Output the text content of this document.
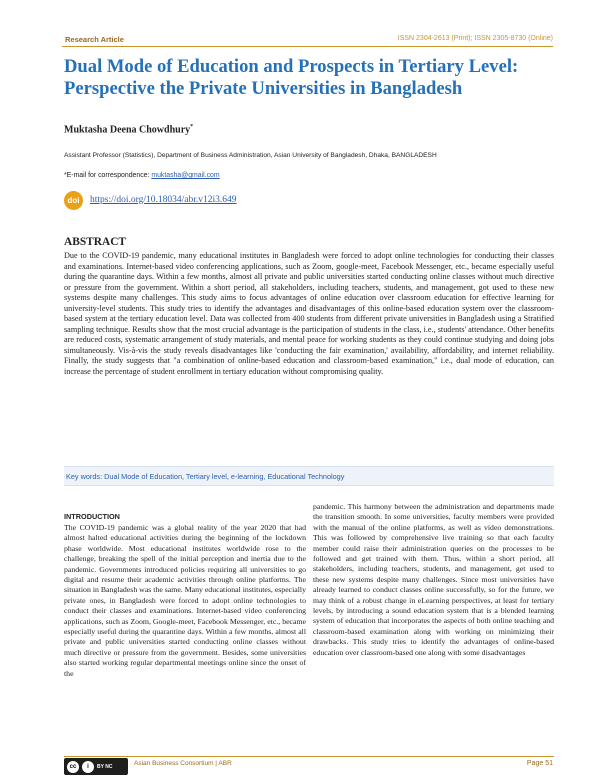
Research Article	ISSN 2304-2613 (Print); ISSN 2305-8730 (Online)
Dual Mode of Education and Prospects in Tertiary Level: Perspective the Private Universities in Bangladesh
Muktasha Deena Chowdhury*
Assistant Professor (Statistics), Department of Business Administration, Asian University of Bangladesh, Dhaka, BANGLADESH
*E-mail for correspondence: muktasha@gmail.com
doi	https://doi.org/10.18034/abr.v12i3.649
ABSTRACT
Due to the COVID-19 pandemic, many educational institutes in Bangladesh were forced to adopt online technologies for conducting their classes and examinations. Internet-based video conferencing applications, such as Zoom, google-meet, Facebook Messenger, etc., became especially useful during the quarantine days. Within a few months, almost all private and public universities started conducting online classes without much directive or pressure from the government. Within a short period, all stakeholders, including teachers, students, and management, got used to these new systems despite many challenges. This study aims to focus advantages of online education over classroom education for effective learning for university-level students. This study tries to identify the advantages and disadvantages of this online-based education system over the classroom-based system at the tertiary education level. Data was collected from 400 students from different private universities in Bangladesh using a Stratified sampling technique. Results show that the most crucial advantage is the participation of students in the class, i.e., students' attendance. Other benefits are reduced costs, systematic arrangement of study materials, and mental peace for working students as they could continue studying and doing jobs simultaneously. Vis-à-vis the study reveals disadvantages like 'conducting the fair examination,' availability, affordability, and internet reliability. Finally, the study suggests that "a combination of online-based education and classroom-based examination," i.e., dual mode of education, can increase the percentage of student enrollment in tertiary education without compromising quality.
Key words: Dual Mode of Education, Tertiary level, e-learning, Educational Technology
INTRODUCTION
The COVID-19 pandemic was a global reality of the year 2020 that had almost halted educational activities during the beginning of the lockdown phase worldwide. Most educational institutes worldwide rose to the challenge, breaking the spell of the initial perception and inertia due to the pandemic. Governments introduced policies requiring all universities to go digital and resume their academic activities through online platforms. The situation in Bangladesh was the same. Many educational institutes, especially private ones, in Bangladesh were forced to adopt online technologies to conduct their classes and examinations. Internet-based video conferencing applications, such as Zoom, Google-meet, Facebook Messenger, etc., became especially useful during the quarantine days. Within a few months, almost all private and public universities started conducting online classes without much directive or pressure from the government. Besides, some universities also started working regular departmental meetings online since the onset of the
pandemic. This harmony between the administration and departments made the transition smooth. In some universities, faculty members were provided with the manual of the online platforms, as well as video demonstrations. This was followed by comprehensive live training so that each faculty member could raise their administration queries on the processes to be followed and get trained with them. Thus, within a short period, all stakeholders, including teachers, students, and management, get used to these new systems despite many challenges. Since most universities have already learned to conduct classes online successfully, so for the future, we may think of a robust change in eLearning perspectives, at least for tertiary levels, by introducing a sound education system that is a blended learning system of education that incorporates the aspects of both online teaching and classroom-based examination along with working on minimizing their drawbacks. This study tries to identify the advantages of online-based education over classroom-based one along with some disadvantages
cc	i	BY NC	Asian Business Consortium | ABR	Page 51
